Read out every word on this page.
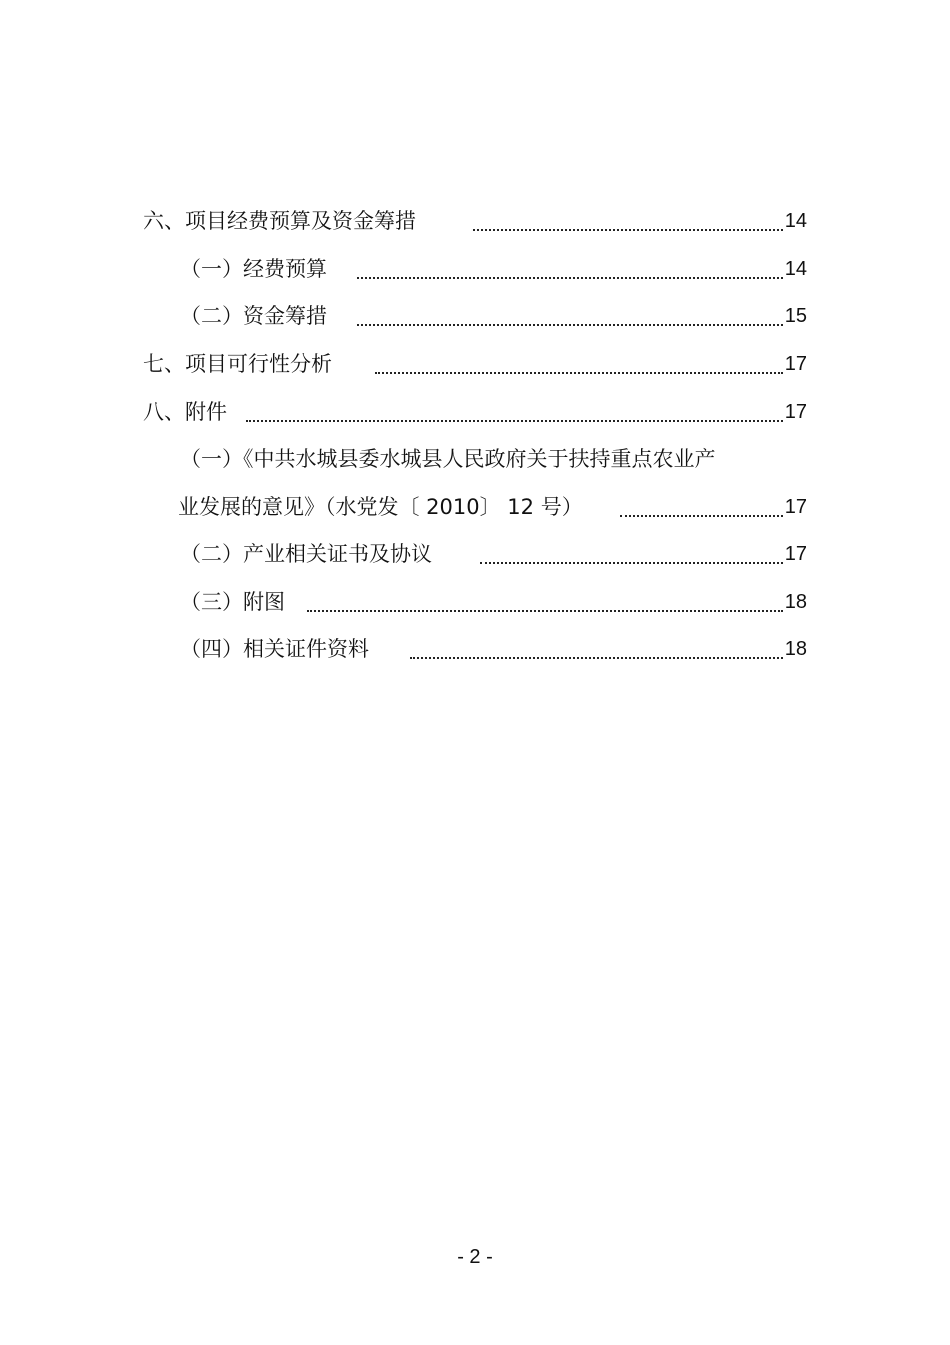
六、项目经费预算及资金筹措	14
（一）经费预算	14
（二）资金筹措	15
七、项目可行性分析	17
八、附件	17
（一）《中共水城县委水城县人民政府关于扶持重点农业产
业发展的意见》（水党发〔 2010〕 12 号）	17
（二）产业相关证书及协议	17
（三）附图	18
（四）相关证件资料	18
- 2 -
